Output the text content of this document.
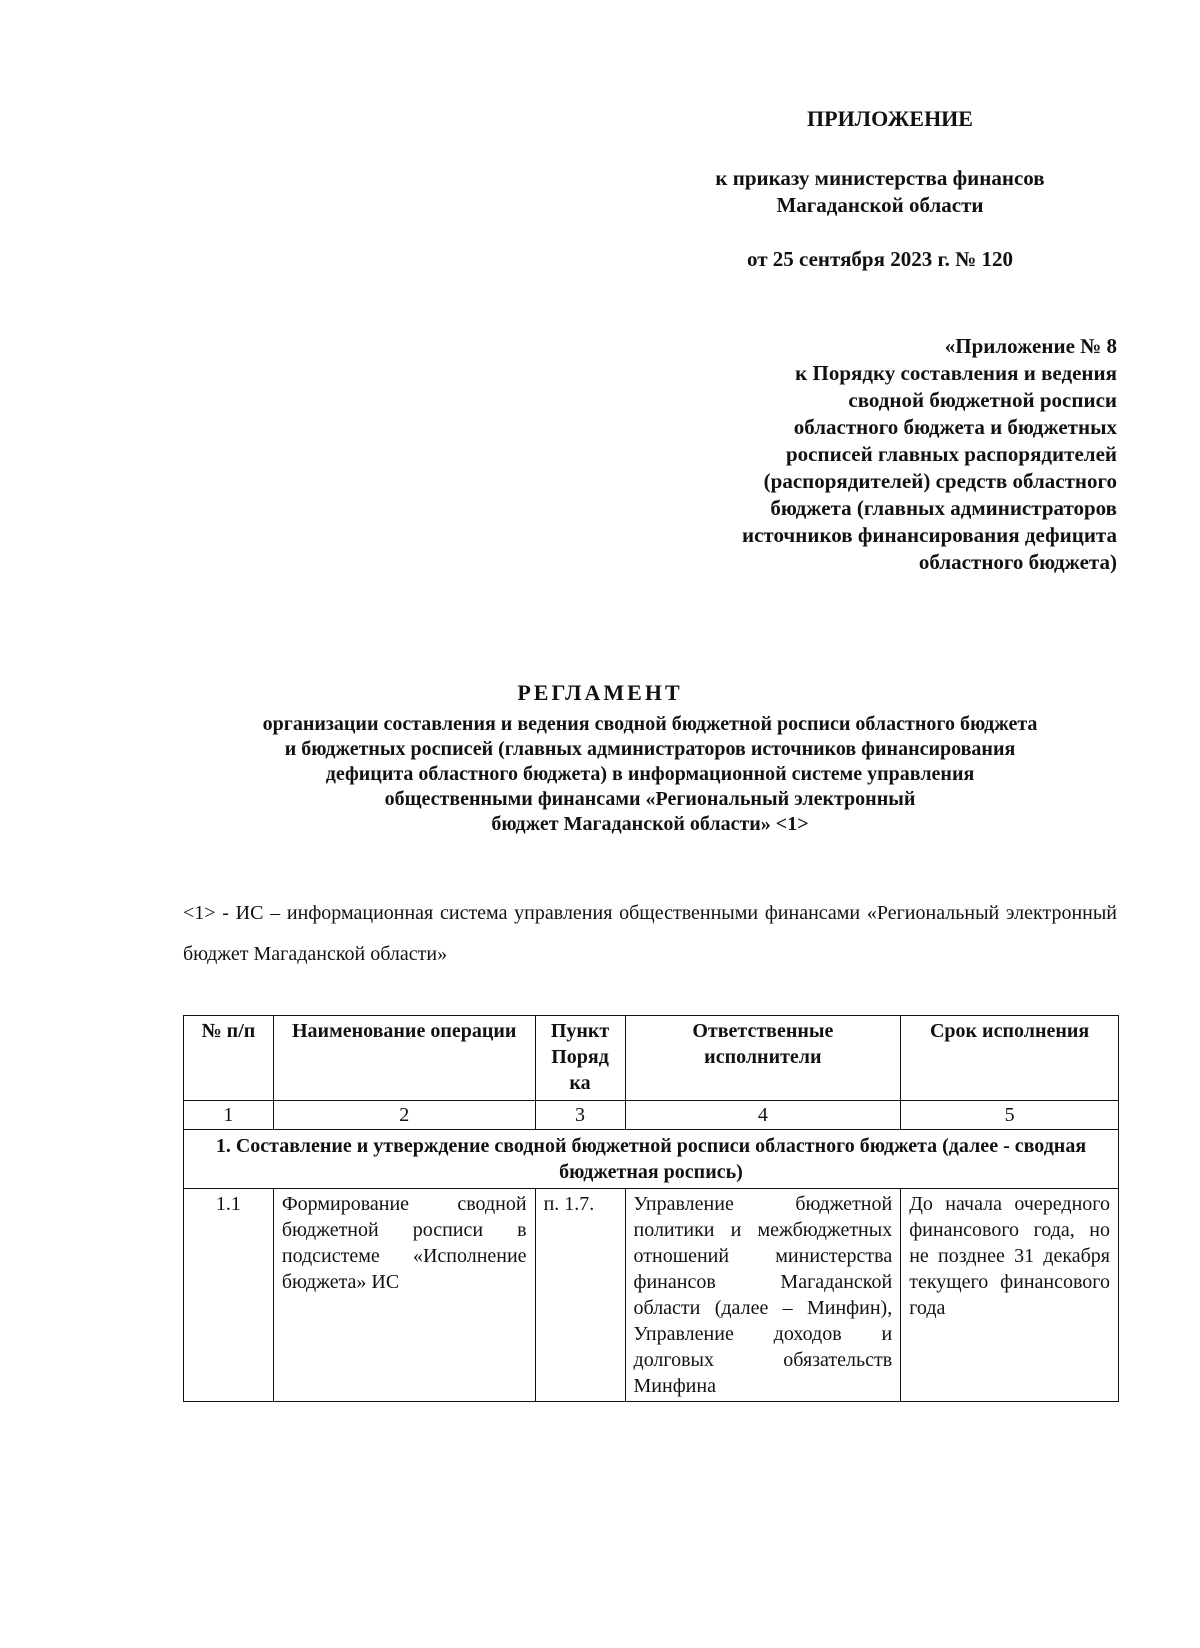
ПРИЛОЖЕНИЕ
к приказу министерства финансов
Магаданской области
от 25 сентября 2023 г. № 120
«Приложение № 8
к Порядку составления и ведения
сводной бюджетной росписи
областного бюджета и бюджетных
росписей главных распорядителей
(распорядителей) средств областного
бюджета (главных администраторов
источников финансирования дефицита
областного бюджета)
РЕГЛАМЕНТ
организации составления и ведения сводной бюджетной росписи областного бюджета
и бюджетных росписей (главных администраторов источников финансирования
дефицита областного бюджета) в информационной системе управления
общественными финансами «Региональный электронный
бюджет Магаданской области» <1>
<1> - ИС – информационная система управления общественными финансами «Региональный электронный бюджет Магаданской области»
№ п/п	Наименование операции	Пункт Поряд ка	Ответственные исполнители	Срок исполнения
1	2	3	4	5
1. Составление и утверждение сводной бюджетной росписи областного бюджета (далее - сводная бюджетная роспись)				
1.1	Формирование сводной бюджетной росписи в подсистеме «Исполнение бюджета» ИС	п. 1.7.	Управление бюджетной политики и межбюджетных отношений министерства финансов Магаданской области (далее – Минфин), Управление доходов и долговых обязательств Минфина	До начала очередного финансового года, но не позднее 31 декабря текущего финансового года
